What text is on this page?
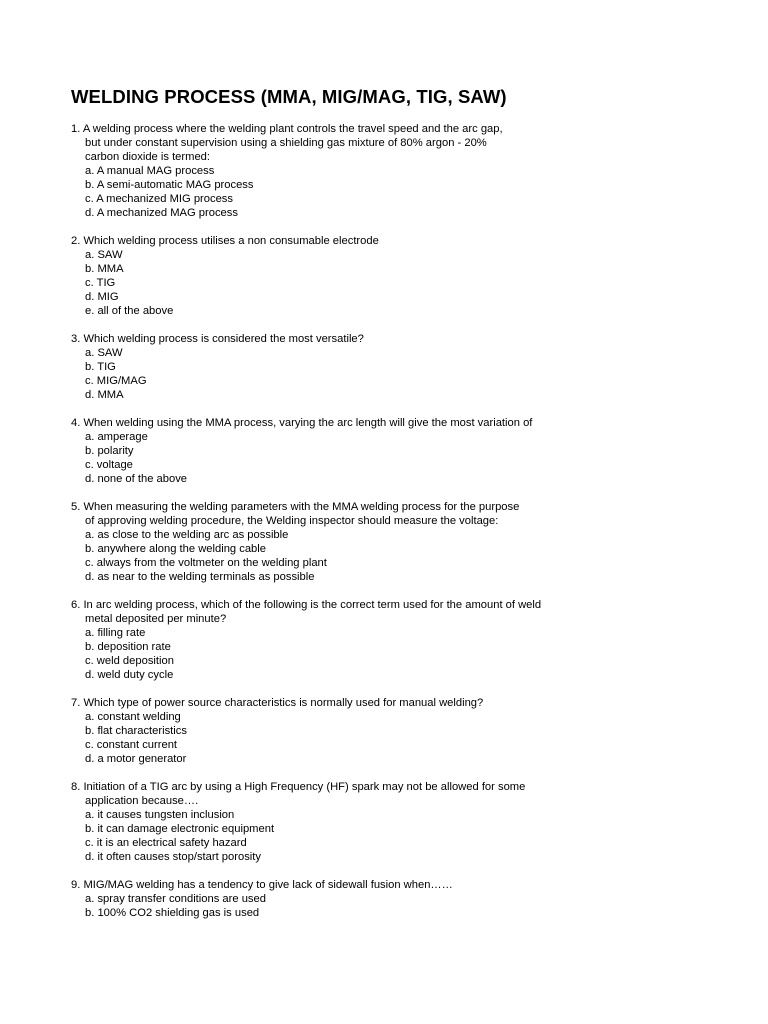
WELDING PROCESS (MMA, MIG/MAG, TIG, SAW)
1. A welding process where the welding plant controls the travel speed and the arc gap,
but under constant supervision using a shielding gas mixture of 80% argon - 20%
carbon dioxide is termed:
a. A manual MAG process
b. A semi-automatic MAG process
c. A mechanized MIG process
d. A mechanized MAG process
2. Which welding process utilises a non consumable electrode
a. SAW
b. MMA
c. TIG
d. MIG
e. all of the above
3. Which welding process is considered the most versatile?
a. SAW
b. TIG
c. MIG/MAG
d. MMA
4. When welding using the MMA process, varying the arc length will give the most variation of
a. amperage
b. polarity
c. voltage
d. none of the above
5. When measuring the welding parameters with the MMA welding process for the purpose
of approving welding procedure, the Welding inspector should measure the voltage:
a. as close to the welding arc as possible
b. anywhere along the welding cable
c. always from the voltmeter on the welding plant
d. as near to the welding terminals as possible
6. In arc welding process, which of the following is the correct term used for the amount of weld
metal deposited per minute?
a. filling rate
b. deposition rate
c. weld deposition
d. weld duty cycle
7. Which type of power source characteristics is normally used for manual welding?
a. constant welding
b. flat characteristics
c. constant current
d. a motor generator
8. Initiation of a TIG arc by using a High Frequency (HF) spark may not be allowed for some
application because….
a. it causes tungsten inclusion
b. it can damage electronic equipment
c. it is an electrical safety hazard
d. it often causes stop/start porosity
9. MIG/MAG welding has a tendency to give lack of sidewall fusion when……
a. spray transfer conditions are used
b. 100% CO2 shielding gas is used
